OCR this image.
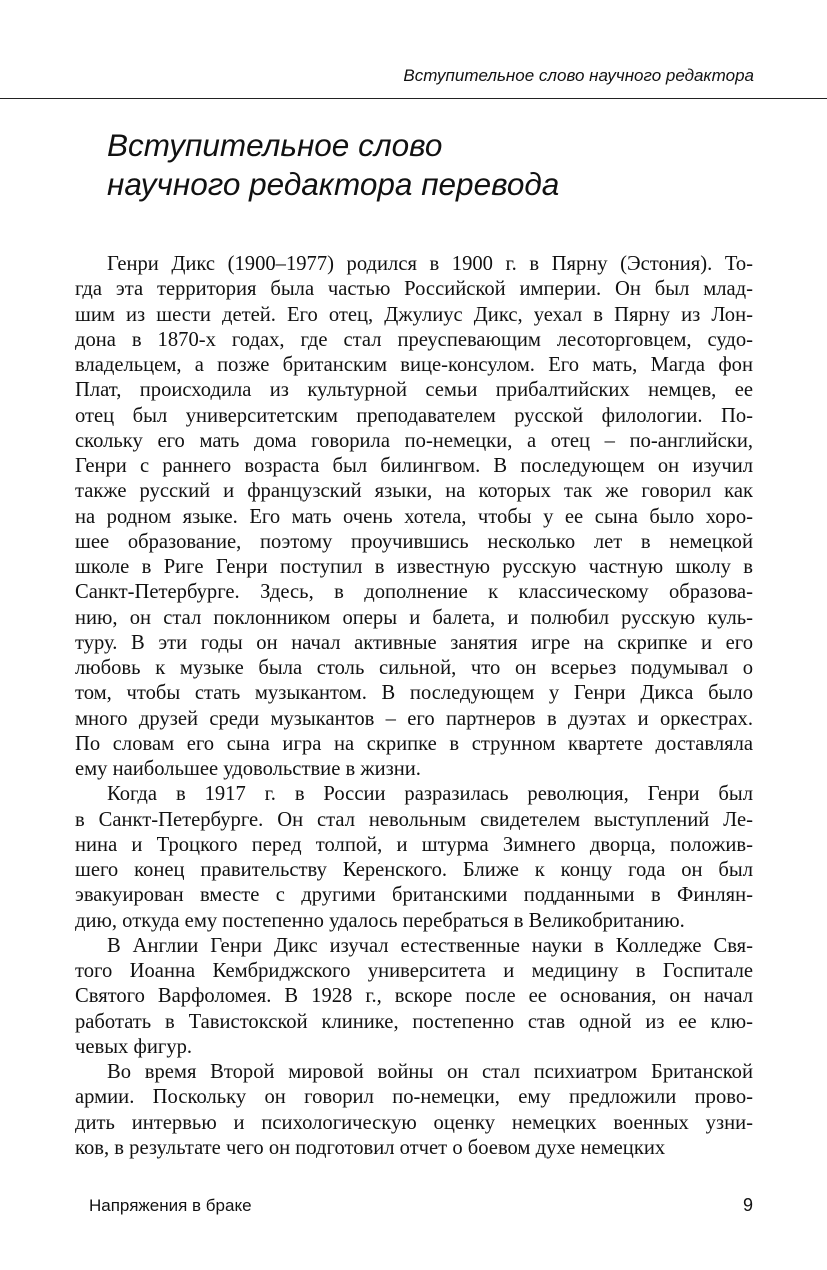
Вступительное слово научного редактора
Вступительное слово
научного редактора перевода
Генри Дикс (1900–1977) родился в 1900 г. в Пярну (Эстония). То-
гда эта территория была частью Российской империи. Он был млад-
шим из шести детей. Его отец, Джулиус Дикс, уехал в Пярну из Лон-
дона в 1870-х годах, где стал преуспевающим лесоторговцем, судо-
владельцем, а позже британским вице-консулом. Его мать, Магда фон
Плат, происходила из культурной семьи прибалтийских немцев, ее
отец был университетским преподавателем русской филологии. По-
скольку его мать дома говорила по-немецки, а отец – по-английски,
Генри с раннего возраста был билингвом. В последующем он изучил
также русский и французский языки, на которых так же говорил как
на родном языке. Его мать очень хотела, чтобы у ее сына было хоро-
шее образование, поэтому проучившись несколько лет в немецкой
школе в Риге Генри поступил в известную русскую частную школу в
Санкт-Петербурге. Здесь, в дополнение к классическому образова-
нию, он стал поклонником оперы и балета, и полюбил русскую куль-
туру. В эти годы он начал активные занятия игре на скрипке и его
любовь к музыке была столь сильной, что он всерьез подумывал о
том, чтобы стать музыкантом. В последующем у Генри Дикса было
много друзей среди музыкантов – его партнеров в дуэтах и оркестрах.
По словам его сына игра на скрипке в струнном квартете доставляла
ему наибольшее удовольствие в жизни.
Когда в 1917 г. в России разразилась революция, Генри был
в Санкт-Петербурге. Он стал невольным свидетелем выступлений Ле-
нина и Троцкого перед толпой, и штурма Зимнего дворца, положив-
шего конец правительству Керенского. Ближе к концу года он был
эвакуирован вместе с другими британскими подданными в Финлян-
дию, откуда ему постепенно удалось перебраться в Великобританию.
В Англии Генри Дикс изучал естественные науки в Колледже Свя-
того Иоанна Кембриджского университета и медицину в Госпитале
Святого Варфоломея. В 1928 г., вскоре после ее основания, он начал
работать в Тавистокской клинике, постепенно став одной из ее клю-
чевых фигур.
Во время Второй мировой войны он стал психиатром Британской
армии. Поскольку он говорил по-немецки, ему предложили прово-
дить интервью и психологическую оценку немецких военных узни-
ков, в результате чего он подготовил отчет о боевом духе немецких
Напряжения в браке	9
